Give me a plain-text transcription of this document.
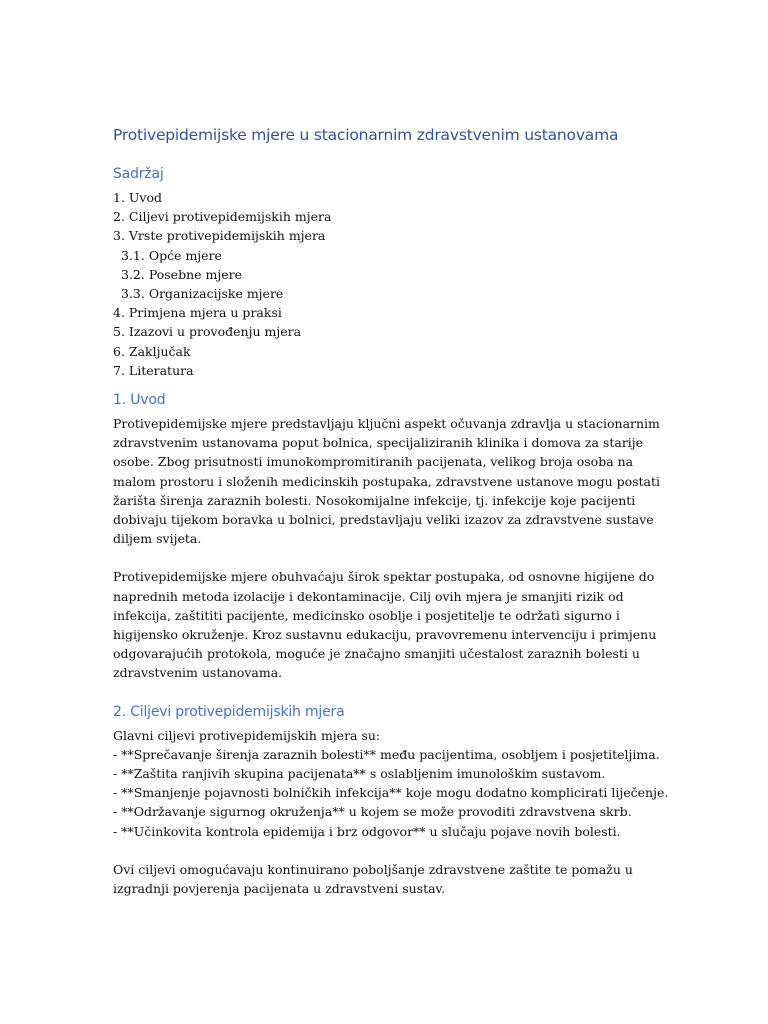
Protivepidemijske mjere u stacionarnim zdravstvenim ustanovama
Sadržaj
1. Uvod
2. Ciljevi protivepidemijskih mjera
3. Vrste protivepidemijskih mjera
3.1. Opće mjere
3.2. Posebne mjere
3.3. Organizacijske mjere
4. Primjena mjera u praksi
5. Izazovi u provođenju mjera
6. Zaključak
7. Literatura
1. Uvod

Protivepidemijske mjere predstavljaju ključni aspekt očuvanja zdravlja u stacionarnim zdravstvenim ustanovama poput bolnica, specijaliziranih klinika i domova za starije osobe. Zbog prisutnosti imunokompromitiranih pacijenata, velikog broja osoba na malom prostoru i složenih medicinskih postupaka, zdravstvene ustanove mogu postati žarišta širenja zaraznih bolesti. Nosokomijalne infekcije, tj. infekcije koje pacijenti dobivaju tijekom boravka u bolnici, predstavljaju veliki izazov za zdravstvene sustave diljem svijeta.

Protivepidemijske mjere obuhvaćaju širok spektar postupaka, od osnovne higijene do naprednih metoda izolacije i dekontaminacije. Cilj ovih mjera je smanjiti rizik od infekcija, zaštititi pacijente, medicinsko osoblje i posjetitelje te održati sigurno i higijensko okruženje. Kroz sustavnu edukaciju, pravovremenu intervenciju i primjenu odgovarajućih protokola, moguće je značajno smanjiti učestalost zaraznih bolesti u zdravstvenim ustanovama.

2. Ciljevi protivepidemijskih mjera

Glavni ciljevi protivepidemijskih mjera su:

- **Sprečavanje širenja zaraznih bolesti** među pacijentima, osobljem i posjetiteljima.
- **Zaštita ranjivih skupina pacijenata** s oslabljenim imunološkim sustavom.
- **Smanjenje pojavnosti bolničkih infekcija** koje mogu dodatno komplicirati liječenje.
- **Održavanje sigurnog okruženja** u kojem se može provoditi zdravstvena skrb.
- **Učinkovita kontrola epidemija i brz odgovor** u slučaju pojave novih bolesti.

Ovi ciljevi omogućavaju kontinuirano poboljšanje zdravstvene zaštite te pomažu u izgradnji povjerenja pacijenata u zdravstveni sustav.
